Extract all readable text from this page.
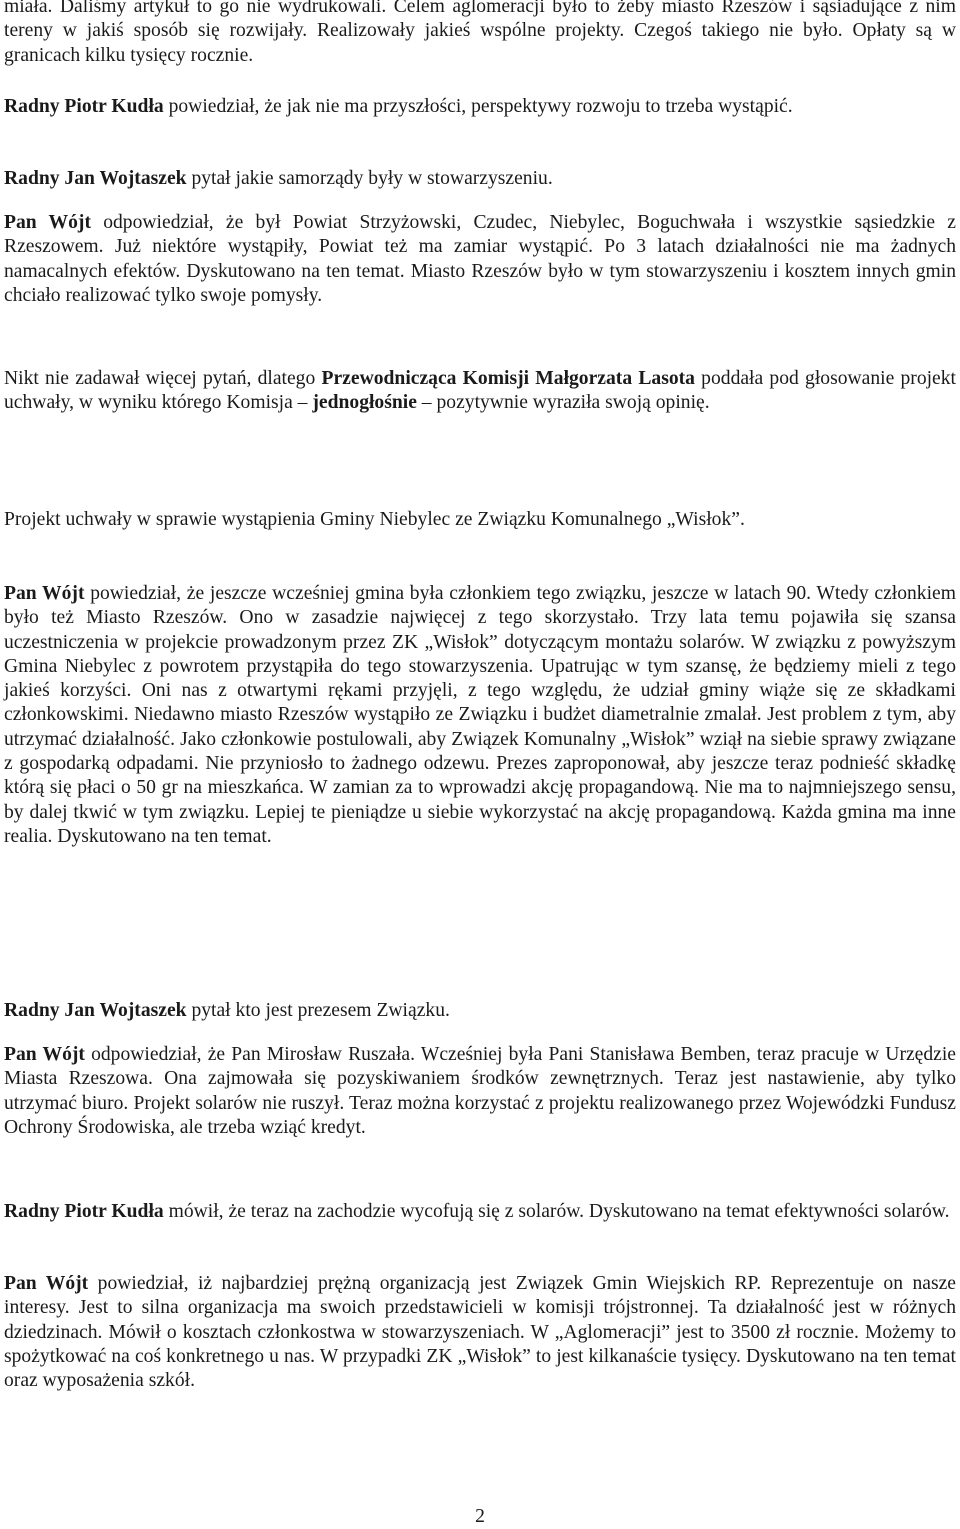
miała. Daliśmy artykuł to go nie wydrukowali. Celem aglomeracji było to żeby miasto Rzeszów i sąsiadujące z nim tereny w jakiś sposób się rozwijały. Realizowały jakieś wspólne projekty. Czegoś takiego nie było. Opłaty są w granicach kilku tysięcy rocznie.

Radny Piotr Kudła powiedział, że jak nie ma przyszłości, perspektywy rozwoju to trzeba wystąpić.

Radny Jan Wojtaszek pytał jakie samorządy były w stowarzyszeniu.

Pan Wójt odpowiedział, że był Powiat Strzyżowski, Czudec, Niebylec, Boguchwała i wszystkie sąsiedzkie z Rzeszowem. Już niektóre wystąpiły, Powiat też ma zamiar wystąpić. Po 3 latach działalności nie ma żadnych namacalnych efektów. Dyskutowano na ten temat. Miasto Rzeszów było w tym stowarzyszeniu i kosztem innych gmin chciało realizować tylko swoje pomysły.

Nikt nie zadawał więcej pytań, dlatego Przewodnicząca Komisji Małgorzata Lasota poddała pod głosowanie projekt uchwały, w wyniku którego Komisja – jednogłośnie – pozytywnie wyraziła swoją opinię.

Projekt uchwały w sprawie wystąpienia Gminy Niebylec ze Związku Komunalnego „Wisłok”.

Pan Wójt powiedział, że jeszcze wcześniej gmina była członkiem tego związku, jeszcze w latach 90. Wtedy członkiem było też Miasto Rzeszów. Ono w zasadzie najwięcej z tego skorzystało. Trzy lata temu pojawiła się szansa uczestniczenia w projekcie prowadzonym przez ZK „Wisłok” dotyczącym montażu solarów. W związku z powyższym Gmina Niebylec z powrotem przystąpiła do tego stowarzyszenia. Upatrując w tym szansę, że będziemy mieli z tego jakieś korzyści. Oni nas z otwartymi rękami przyjęli, z tego względu, że udział gminy wiąże się ze składkami członkowskimi. Niedawno miasto Rzeszów wystąpiło ze Związku i budżet diametralnie zmalał. Jest problem z tym, aby utrzymać działalność. Jako członkowie postulowali, aby Związek Komunalny „Wisłok” wziął na siebie sprawy związane z gospodarką odpadami. Nie przyniosło to żadnego odzewu. Prezes zaproponował, aby jeszcze teraz podnieść składkę którą się płaci o 50 gr na mieszkańca. W zamian za to wprowadzi akcję propagandową. Nie ma to najmniejszego sensu, by dalej tkwić w tym związku. Lepiej te pieniądze u siebie wykorzystać na akcję propagandową. Każda gmina ma inne realia. Dyskutowano na ten temat.

Radny Jan Wojtaszek pytał kto jest prezesem Związku.

Pan Wójt odpowiedział, że Pan Mirosław Ruszała. Wcześniej była Pani Stanisława Bemben, teraz pracuje w Urzędzie Miasta Rzeszowa. Ona zajmowała się pozyskiwaniem środków zewnętrznych. Teraz jest nastawienie, aby tylko utrzymać biuro. Projekt solarów nie ruszył. Teraz można korzystać z projektu realizowanego przez Wojewódzki Fundusz Ochrony Środowiska, ale trzeba wziąć kredyt.

Radny Piotr Kudła mówił, że teraz na zachodzie wycofują się z solarów. Dyskutowano na temat efektywności solarów.

Pan Wójt powiedział, iż najbardziej prężną organizacją jest Związek Gmin Wiejskich RP. Reprezentuje on nasze interesy. Jest to silna organizacja ma swoich przedstawicieli w komisji trójstronnej. Ta działalność jest w różnych dziedzinach. Mówił o kosztach członkostwa w stowarzyszeniach. W „Aglomeracji” jest to 3500 zł rocznie. Możemy to spożytkować na coś konkretnego u nas. W przypadki ZK „Wisłok” to jest kilkanaście tysięcy. Dyskutowano na ten temat oraz wyposażenia szkół.

2
